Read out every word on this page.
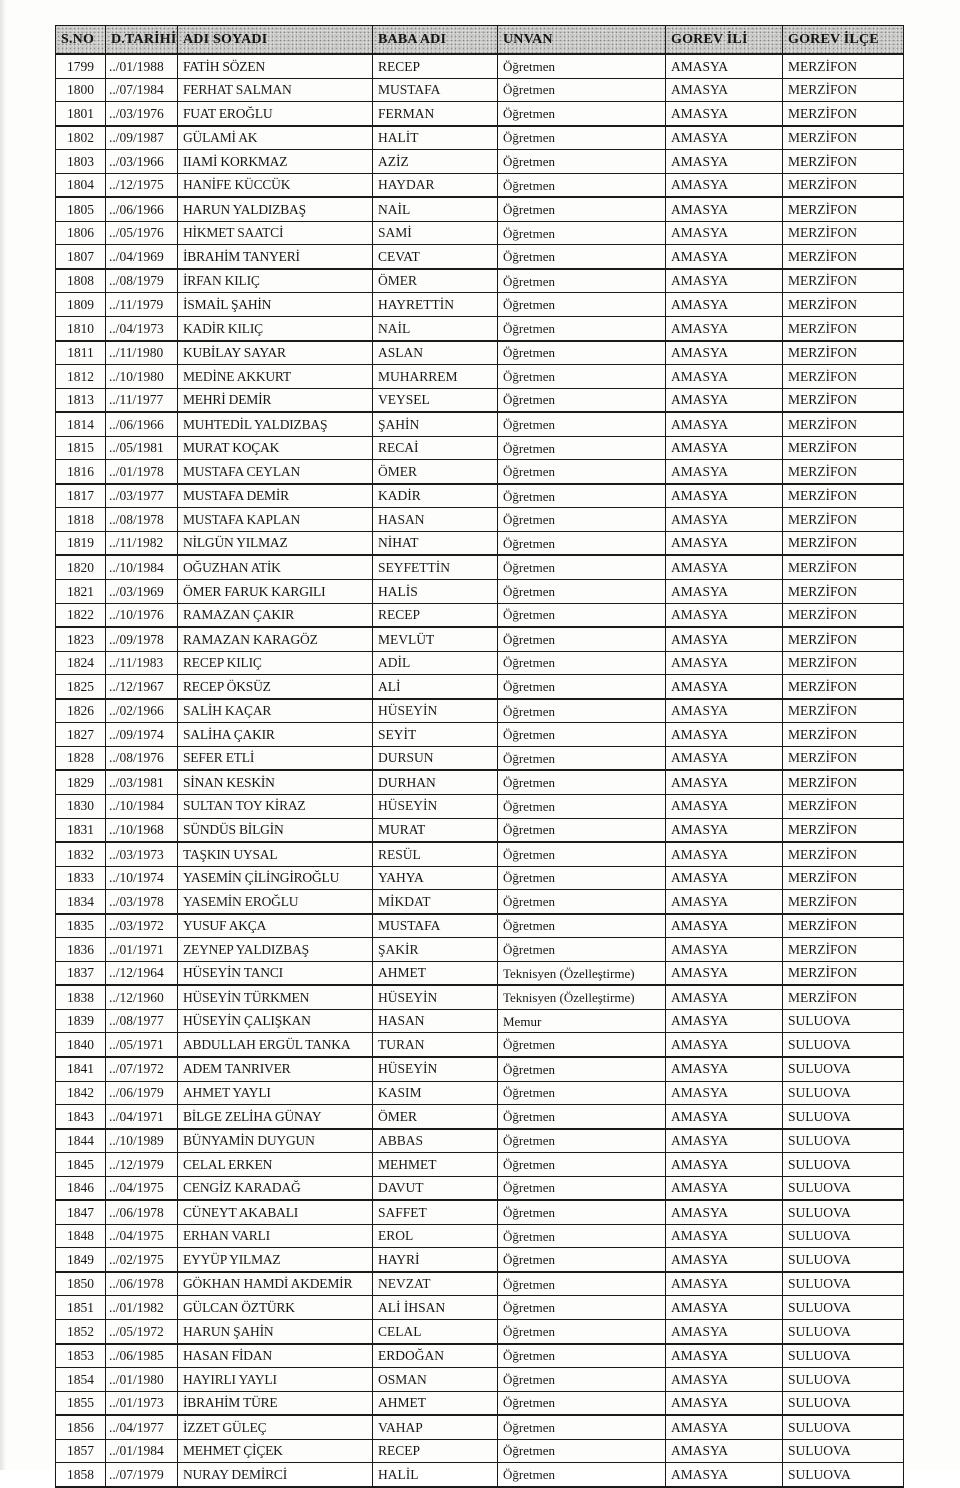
S.NO	D.TARİHİ	ADI SOYADI	BABA ADI	UNVAN	GOREV İLİ	GOREV İLÇE
1799	../01/1988	FATİH SÖZEN	RECEP	Öğretmen	AMASYA	MERZİFON
1800	../07/1984	FERHAT SALMAN	MUSTAFA	Öğretmen	AMASYA	MERZİFON
1801	../03/1976	FUAT EROĞLU	FERMAN	Öğretmen	AMASYA	MERZİFON
1802	../09/1987	GÜLAMİ AK	HALİT	Öğretmen	AMASYA	MERZİFON
1803	../03/1966	IIAMİ KORKMAZ	AZİZ	Öğretmen	AMASYA	MERZİFON
1804	../12/1975	HANİFE KÜCCÜK	HAYDAR	Öğretmen	AMASYA	MERZİFON
1805	../06/1966	HARUN YALDIZBAŞ	NAİL	Öğretmen	AMASYA	MERZİFON
1806	../05/1976	HİKMET SAATCİ	SAMİ	Öğretmen	AMASYA	MERZİFON
1807	../04/1969	İBRAHİM TANYERİ	CEVAT	Öğretmen	AMASYA	MERZİFON
1808	../08/1979	İRFAN KILIÇ	ÖMER	Öğretmen	AMASYA	MERZİFON
1809	../11/1979	İSMAİL ŞAHİN	HAYRETTİN	Öğretmen	AMASYA	MERZİFON
1810	../04/1973	KADİR KILIÇ	NAİL	Öğretmen	AMASYA	MERZİFON
1811	../11/1980	KUBİLAY SAYAR	ASLAN	Öğretmen	AMASYA	MERZİFON
1812	../10/1980	MEDİNE AKKURT	MUHARREM	Öğretmen	AMASYA	MERZİFON
1813	../11/1977	MEHRİ DEMİR	VEYSEL	Öğretmen	AMASYA	MERZİFON
1814	../06/1966	MUHTEDİL YALDIZBAŞ	ŞAHİN	Öğretmen	AMASYA	MERZİFON
1815	../05/1981	MURAT KOÇAK	RECAİ	Öğretmen	AMASYA	MERZİFON
1816	../01/1978	MUSTAFA CEYLAN	ÖMER	Öğretmen	AMASYA	MERZİFON
1817	../03/1977	MUSTAFA DEMİR	KADİR	Öğretmen	AMASYA	MERZİFON
1818	../08/1978	MUSTAFA KAPLAN	HASAN	Öğretmen	AMASYA	MERZİFON
1819	../11/1982	NİLGÜN YILMAZ	NİHAT	Öğretmen	AMASYA	MERZİFON
1820	../10/1984	OĞUZHAN ATİK	SEYFETTİN	Öğretmen	AMASYA	MERZİFON
1821	../03/1969	ÖMER FARUK KARGILI	HALİS	Öğretmen	AMASYA	MERZİFON
1822	../10/1976	RAMAZAN ÇAKIR	RECEP	Öğretmen	AMASYA	MERZİFON
1823	../09/1978	RAMAZAN KARAGÖZ	MEVLÜT	Öğretmen	AMASYA	MERZİFON
1824	../11/1983	RECEP KILIÇ	ADİL	Öğretmen	AMASYA	MERZİFON
1825	../12/1967	RECEP ÖKSÜZ	ALİ	Öğretmen	AMASYA	MERZİFON
1826	../02/1966	SALİH KAÇAR	HÜSEYİN	Öğretmen	AMASYA	MERZİFON
1827	../09/1974	SALİHA ÇAKIR	SEYİT	Öğretmen	AMASYA	MERZİFON
1828	../08/1976	SEFER ETLİ	DURSUN	Öğretmen	AMASYA	MERZİFON
1829	../03/1981	SİNAN KESKİN	DURHAN	Öğretmen	AMASYA	MERZİFON
1830	../10/1984	SULTAN TOY KİRAZ	HÜSEYİN	Öğretmen	AMASYA	MERZİFON
1831	../10/1968	SÜNDÜS BİLGİN	MURAT	Öğretmen	AMASYA	MERZİFON
1832	../03/1973	TAŞKIN UYSAL	RESÜL	Öğretmen	AMASYA	MERZİFON
1833	../10/1974	YASEMİN ÇİLİNGİROĞLU	YAHYA	Öğretmen	AMASYA	MERZİFON
1834	../03/1978	YASEMİN EROĞLU	MİKDAT	Öğretmen	AMASYA	MERZİFON
1835	../03/1972	YUSUF AKÇA	MUSTAFA	Öğretmen	AMASYA	MERZİFON
1836	../01/1971	ZEYNEP YALDIZBAŞ	ŞAKİR	Öğretmen	AMASYA	MERZİFON
1837	../12/1964	HÜSEYİN TANCI	AHMET	Teknisyen (Özelleştirme)	AMASYA	MERZİFON
1838	../12/1960	HÜSEYİN TÜRKMEN	HÜSEYİN	Teknisyen (Özelleştirme)	AMASYA	MERZİFON
1839	../08/1977	HÜSEYİN ÇALIŞKAN	HASAN	Memur	AMASYA	SULUOVA
1840	../05/1971	ABDULLAH ERGÜL TANKA	TURAN	Öğretmen	AMASYA	SULUOVA
1841	../07/1972	ADEM TANRIVER	HÜSEYİN	Öğretmen	AMASYA	SULUOVA
1842	../06/1979	AHMET YAYLI	KASIM	Öğretmen	AMASYA	SULUOVA
1843	../04/1971	BİLGE ZELİHA GÜNAY	ÖMER	Öğretmen	AMASYA	SULUOVA
1844	../10/1989	BÜNYAMİN DUYGUN	ABBAS	Öğretmen	AMASYA	SULUOVA
1845	../12/1979	CELAL ERKEN	MEHMET	Öğretmen	AMASYA	SULUOVA
1846	../04/1975	CENGİZ KARADAĞ	DAVUT	Öğretmen	AMASYA	SULUOVA
1847	../06/1978	CÜNEYT AKABALI	SAFFET	Öğretmen	AMASYA	SULUOVA
1848	../04/1975	ERHAN VARLI	EROL	Öğretmen	AMASYA	SULUOVA
1849	../02/1975	EYYÜP YILMAZ	HAYRİ	Öğretmen	AMASYA	SULUOVA
1850	../06/1978	GÖKHAN HAMDİ AKDEMİR	NEVZAT	Öğretmen	AMASYA	SULUOVA
1851	../01/1982	GÜLCAN ÖZTÜRK	ALİ İHSAN	Öğretmen	AMASYA	SULUOVA
1852	../05/1972	HARUN ŞAHİN	CELAL	Öğretmen	AMASYA	SULUOVA
1853	../06/1985	HASAN FİDAN	ERDOĞAN	Öğretmen	AMASYA	SULUOVA
1854	../01/1980	HAYIRLI YAYLI	OSMAN	Öğretmen	AMASYA	SULUOVA
1855	../01/1973	İBRAHİM TÜRE	AHMET	Öğretmen	AMASYA	SULUOVA
1856	../04/1977	İZZET GÜLEÇ	VAHAP	Öğretmen	AMASYA	SULUOVA
1857	../01/1984	MEHMET ÇİÇEK	RECEP	Öğretmen	AMASYA	SULUOVA
1858	../07/1979	NURAY DEMİRCİ	HALİL	Öğretmen	AMASYA	SULUOVA
